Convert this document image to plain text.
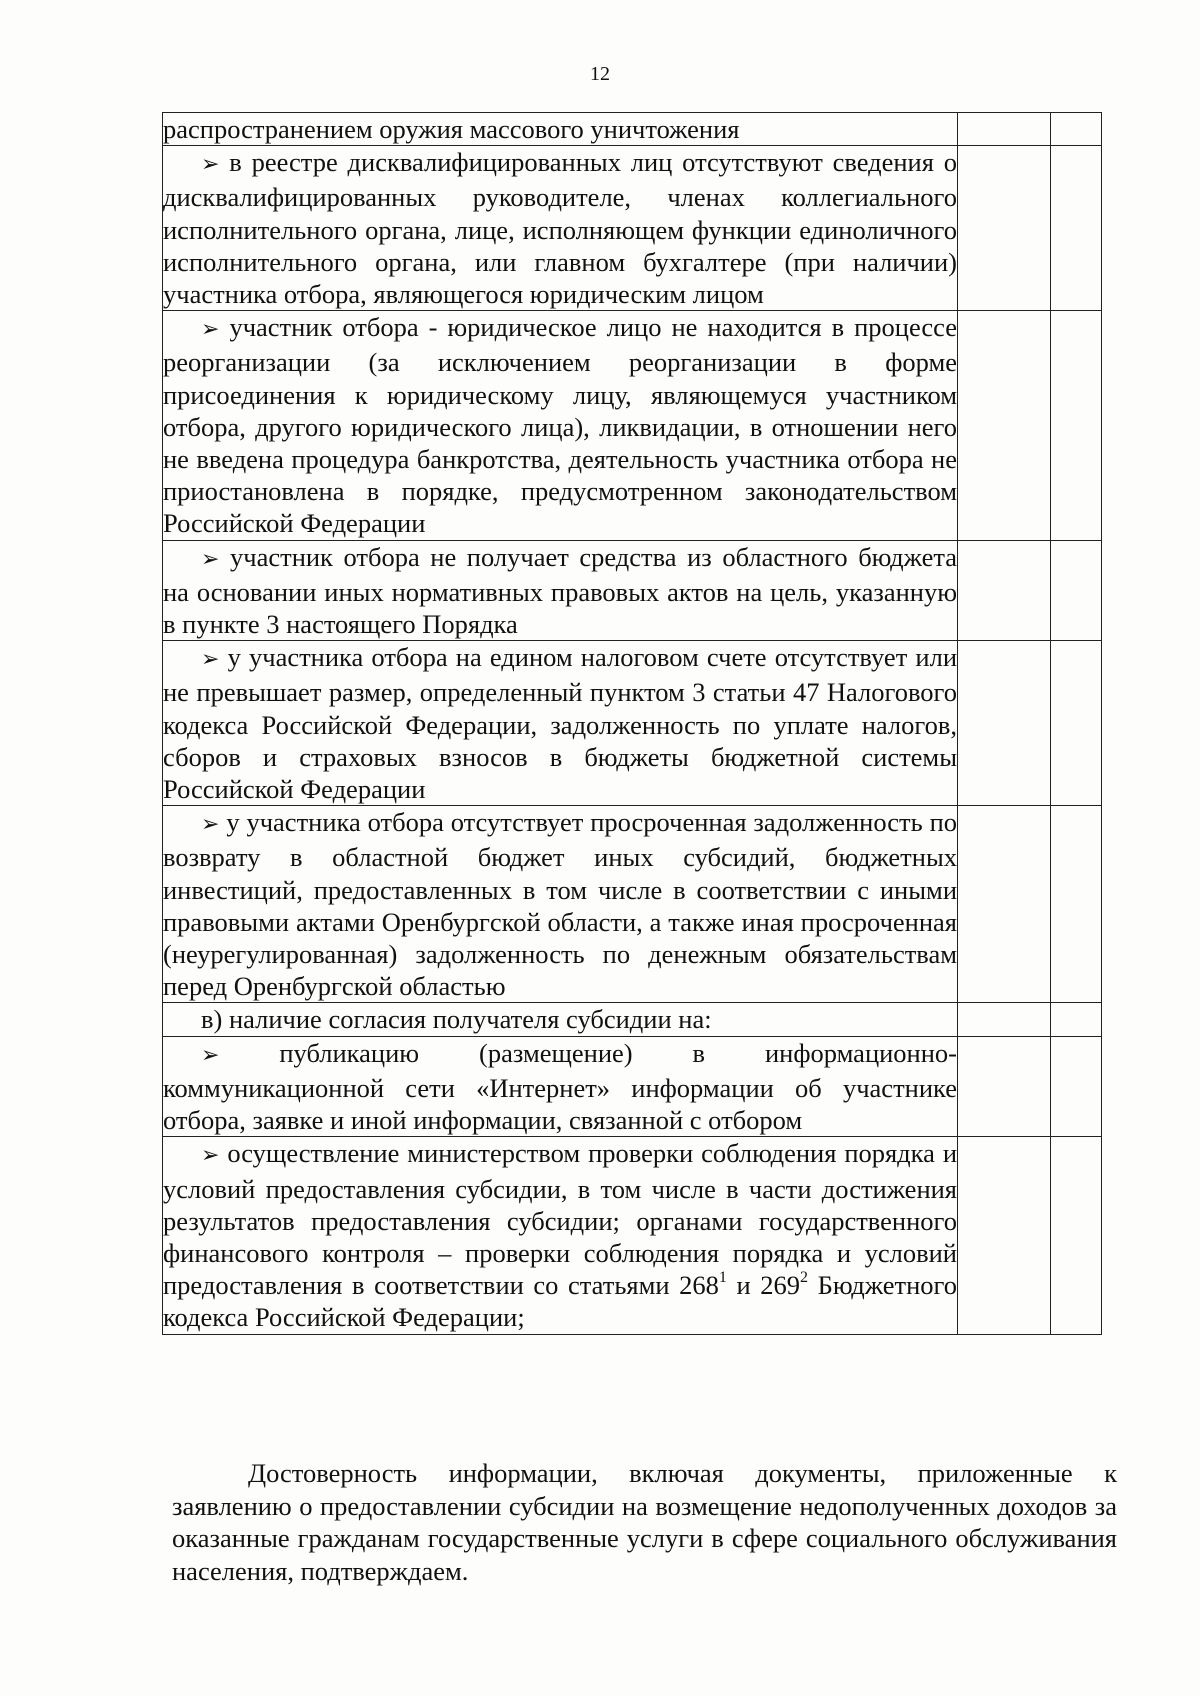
12
распространением оружия массового уничтожения		
➢ в реестре дисквалифицированных лиц отсутствуют сведения о дисквалифицированных руководителе, членах коллегиального исполнительного органа, лице, исполняющем функции единоличного исполнительного органа, или главном бухгалтере (при наличии) участника отбора, являющегося юридическим лицом		
➢ участник отбора - юридическое лицо не находится в процессе реорганизации (за исключением реорганизации в форме присоединения к юридическому лицу, являющемуся участником отбора, другого юридического лица), ликвидации, в отношении него не введена процедура банкротства, деятельность участника отбора не приостановлена в порядке, предусмотренном законодательством Российской Федерации		
➢ участник отбора не получает средства из областного бюджета на основании иных нормативных правовых актов на цель, указанную в пункте 3 настоящего Порядка		
➢ у участника отбора на едином налоговом счете отсутствует или не превышает размер, определенный пунктом 3 статьи 47 Налогового кодекса Российской Федерации, задолженность по уплате налогов, сборов и страховых взносов в бюджеты бюджетной системы Российской Федерации		
➢ у участника отбора отсутствует просроченная задолженность по возврату в областной бюджет иных субсидий, бюджетных инвестиций, предоставленных в том числе в соответствии с иными правовыми актами Оренбургской области, а также иная просроченная (неурегулированная) задолженность по денежным обязательствам перед Оренбургской областью		
в) наличие согласия получателя субсидии на:		
➢ публикацию (размещение) в информационно-коммуникационной сети «Интернет» информации об участнике отбора, заявке и иной информации, связанной с отбором		
➢ осуществление министерством проверки соблюдения порядка и условий предоставления субсидии, в том числе в части достижения результатов предоставления субсидии; органами государственного финансового контроля – проверки соблюдения порядка и условий предоставления в соответствии со статьями $268^1$ и $269^2$ Бюджетного кодекса Российской Федерации;		
Достоверность информации, включая документы, приложенные к заявлению о предоставлении субсидии на возмещение недополученных доходов за оказанные гражданам государственные услуги в сфере социального обслуживания населения, подтверждаем.
